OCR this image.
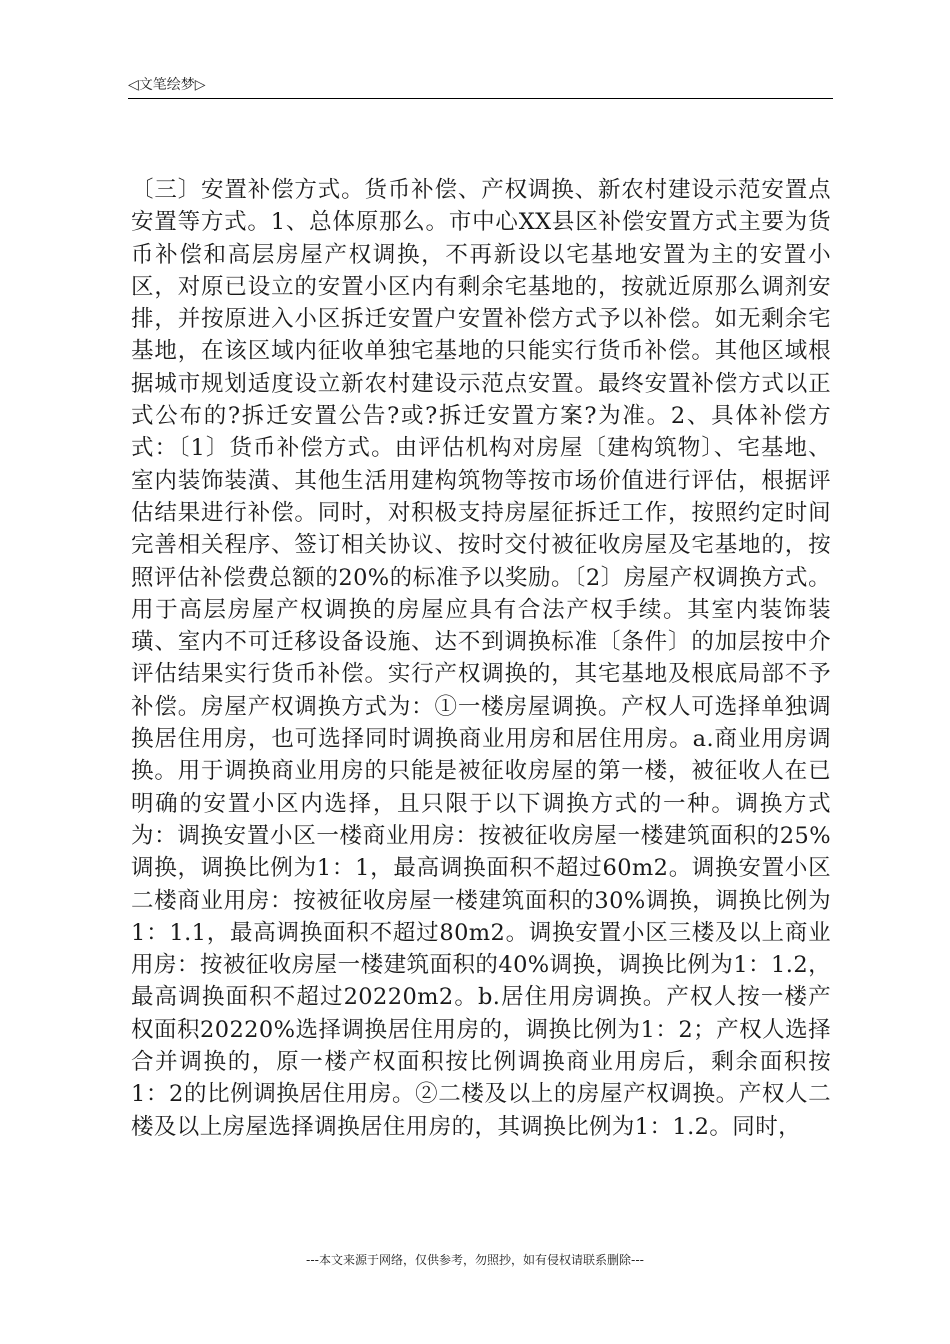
◁文笔绘梦▷

〔三〕安置补偿方式。货币补偿、产权调换、新农村建设示范安置点安置等方式。1、总体原那么。市中心XX县区补偿安置方式主要为货币补偿和高层房屋产权调换，不再新设以宅基地安置为主的安置小区，对原已设立的安置小区内有剩余宅基地的，按就近原那么调剂安排，并按原进入小区拆迁安置户安置补偿方式予以补偿。如无剩余宅基地，在该区域内征收单独宅基地的只能实行货币补偿。其他区域根据城市规划适度设立新农村建设示范点安置。最终安置补偿方式以正式公布的?拆迁安置公告?或?拆迁安置方案?为准。2、具体补偿方式：〔1〕货币补偿方式。由评估机构对房屋〔建构筑物〕、宅基地、室内装饰装潢、其他生活用建构筑物等按市场价值进行评估，根据评估结果进行补偿。同时，对积极支持房屋征拆迁工作，按照约定时间完善相关程序、签订相关协议、按时交付被征收房屋及宅基地的，按照评估补偿费总额的20%的标准予以奖励。〔2〕房屋产权调换方式。用于高层房屋产权调换的房屋应具有合法产权手续。其室内装饰装璜、室内不可迁移设备设施、达不到调换标准〔条件〕的加层按中介评估结果实行货币补偿。实行产权调换的，其宅基地及根底局部不予补偿。房屋产权调换方式为：①一楼房屋调换。产权人可选择单独调换居住用房，也可选择同时调换商业用房和居住用房。a.商业用房调换。用于调换商业用房的只能是被征收房屋的第一楼，被征收人在已明确的安置小区内选择，且只限于以下调换方式的一种。调换方式为：调换安置小区一楼商业用房：按被征收房屋一楼建筑面积的25%调换，调换比例为1：1，最高调换面积不超过60m2。调换安置小区二楼商业用房：按被征收房屋一楼建筑面积的30%调换，调换比例为1：1.1，最高调换面积不超过80m2。调换安置小区三楼及以上商业用房：按被征收房屋一楼建筑面积的40%调换，调换比例为1：1.2，最高调换面积不超过20220m2。b.居住用房调换。产权人按一楼产权面积20220%选择调换居住用房的，调换比例为1：2；产权人选择合并调换的，原一楼产权面积按比例调换商业用房后，剩余面积按1：2的比例调换居住用房。②二楼及以上的房屋产权调换。产权人二楼及以上房屋选择调换居住用房的，其调换比例为1：1.2。同时，

---本文来源于网络，仅供参考，勿照抄，如有侵权请联系删除---
